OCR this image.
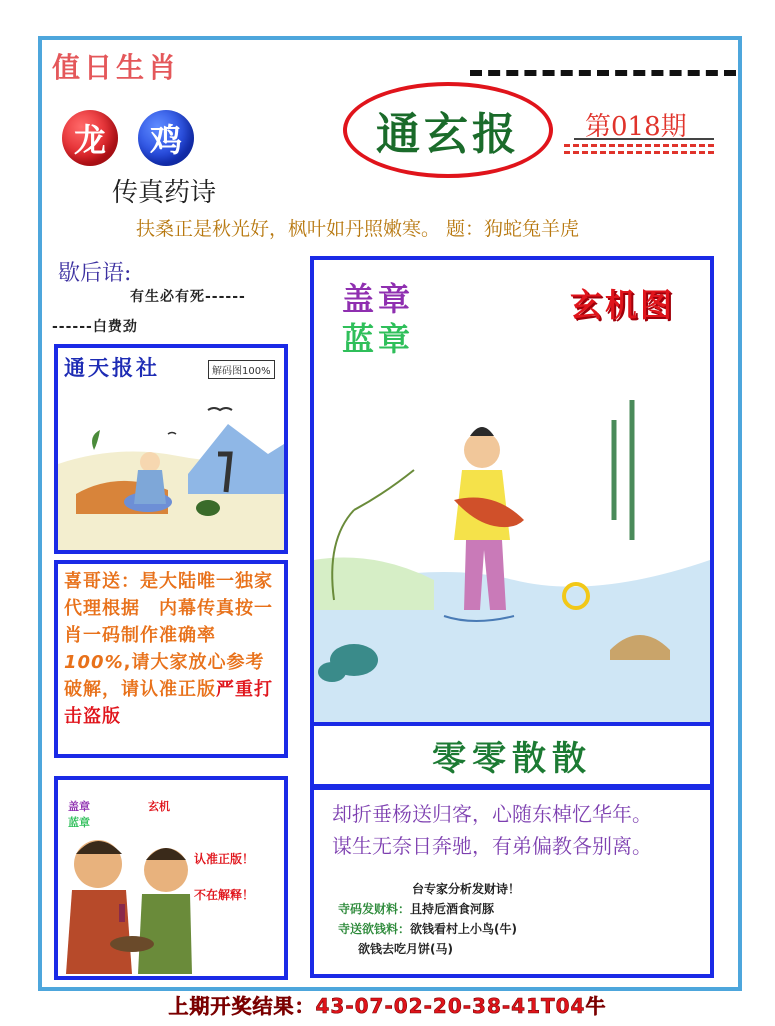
值日生肖
龙	鸡
传真药诗
通玄报	第018期
扶桑正是秋光好，枫叶如丹照嫩寒。 题：狗蛇兔羊虎
歇后语:
有生必有死------
------白费劲
通天报社	解码图100%
喜哥送：是大陆唯一独家代理根据　内幕传真按一肖一码制作准确率100%,请大家放心参考破解，请认准正版严重打击盗版
盖章
蓝章
玄机
认准正版！
不在解释！
盖章
蓝章
玄机图
零零散散
却折垂杨送归客，心随东棹忆华年。
谋生无奈日奔驰，有弟偏教各别离。
台专家分析发财诗！
寺码发财料：且持卮酒食河豚
寺送欲钱料：欲钱看村上小鸟(牛)
欲钱去吃月饼(马)
上期开奖结果：43-07-02-20-38-41T04牛
